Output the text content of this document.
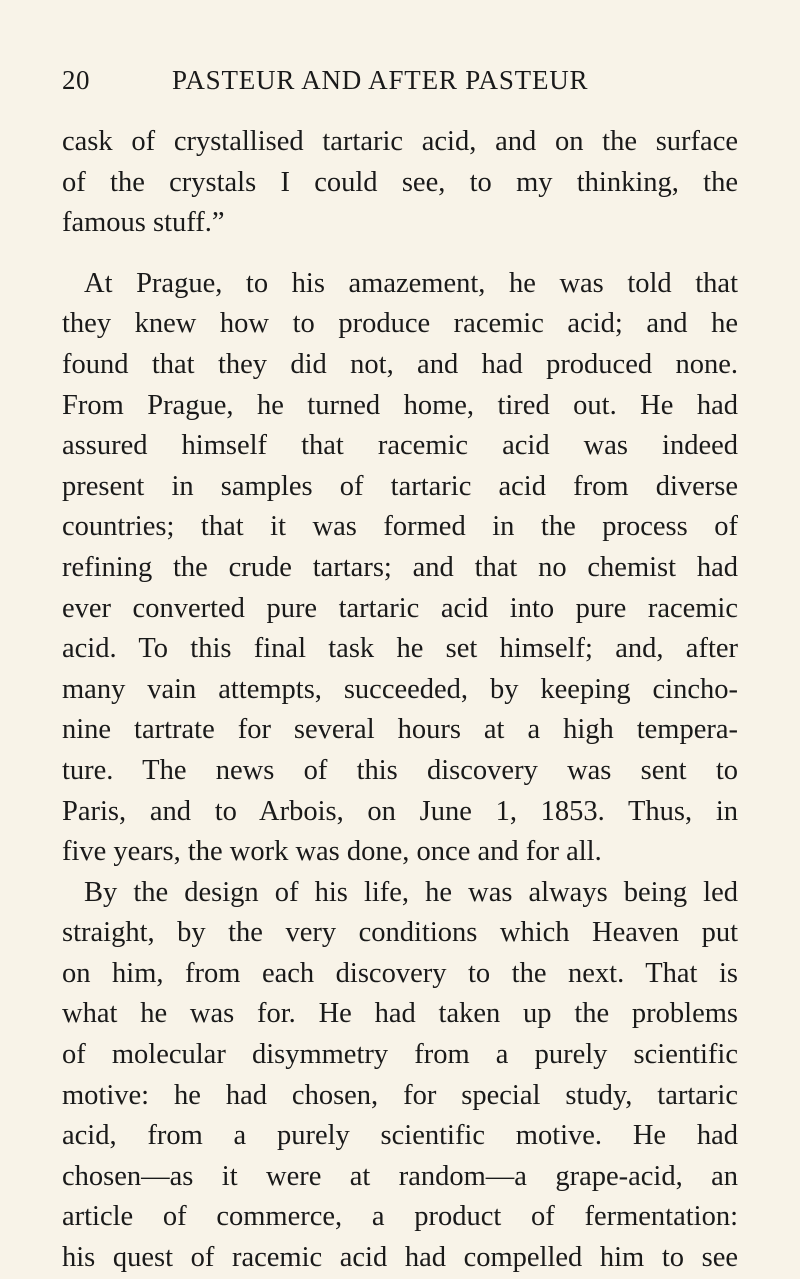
20	PASTEUR AND AFTER PASTEUR
cask of crystallised tartaric acid, and on the surface
of the crystals I could see, to my thinking, the
famous stuff.”
At Prague, to his amazement, he was told that
they knew how to produce racemic acid; and he
found that they did not, and had produced none.
From Prague, he turned home, tired out. He had
assured himself that racemic acid was indeed
present in samples of tartaric acid from diverse
countries; that it was formed in the process of
refining the crude tartars; and that no chemist had
ever converted pure tartaric acid into pure racemic
acid. To this final task he set himself; and, after
many vain attempts, succeeded, by keeping cincho-
nine tartrate for several hours at a high tempera-
ture. The news of this discovery was sent to
Paris, and to Arbois, on June 1, 1853. Thus, in
five years, the work was done, once and for all.
By the design of his life, he was always being led
straight, by the very conditions which Heaven put
on him, from each discovery to the next. That is
what he was for. He had taken up the problems
of molecular disymmetry from a purely scientific
motive: he had chosen, for special study, tartaric
acid, from a purely scientific motive. He had
chosen—as it were at random—a grape-acid, an
article of commerce, a product of fermentation:
his quest of racemic acid had compelled him to see
